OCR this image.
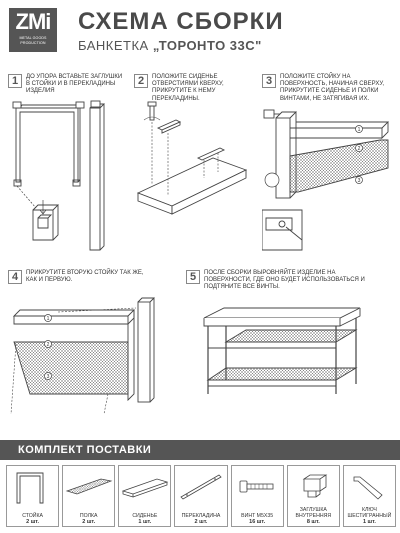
ZMi
METAL GOODS PRODUCTION
СХЕМА СБОРКИ
БАНКЕТКА „ТОРОНТО 33С"
1	ДО УПОРА ВСТАВЬТЕ ЗАГЛУШКИ В СТОЙКИ И В ПЕРЕКЛАДИНЫ ИЗДЕЛИЯ
2	ПОЛОЖИТЕ СИДЕНЬЕ ОТВЕРСТИЯМИ КВЕРХУ, ПРИКРУТИТЕ К НЕМУ ПЕРЕКЛАДИНЫ.
3	ПОЛОЖИТЕ СТОЙКУ НА ПОВЕРХНОСТЬ, НАЧИНАЯ СВЕРХУ, ПРИКРУТИТЕ СИДЕНЬЕ И ПОЛКИ ВИНТАМИ, НЕ ЗАТЯГИВАЯ ИХ.
1
2
3
4	ПРИКРУТИТЕ ВТОРУЮ СТОЙКУ ТАК ЖЕ, КАК И ПЕРВУЮ.
1
2
3
5	ПОСЛЕ СБОРКИ ВЫРОВНЯЙТЕ ИЗДЕЛИЕ НА ПОВЕРХНОСТИ, ГДЕ ОНО БУДЕТ ИСПОЛЬЗОВАТЬСЯ И ПОДТЯНИТЕ ВСЕ ВИНТЫ.
КОМПЛЕКТ ПОСТАВКИ
СТОЙКА
2 шт.
ПОЛКА
2 шт.
СИДЕНЬЕ
1 шт.
ПЕРЕКЛАДИНА
2 шт.
ВИНТ М5Х35
16 шт.
ЗАГЛУШКА ВНУТРЕННЯЯ
8 шт.
КЛЮЧ ШЕСТИГРАННЫЙ
1 шт.
